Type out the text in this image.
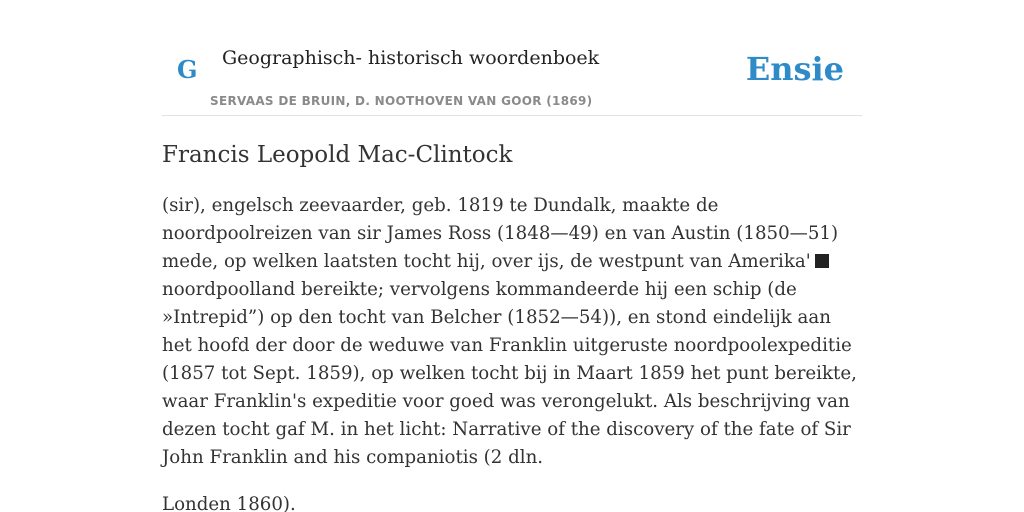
G Geographisch- historisch woordenboek
SERVAAS DE BRUIN, D. NOOTHOVEN VAN GOOR (1869)
Ensie
Francis Leopold Mac-Clintock

(sir), engelsch zeevaarder, geb. 1819 te Dundalk, maakte de noordpoolreizen van sir James Ross (1848—49) en van Austin (1850—51) mede, op welken laatsten tocht hij, over ijs, de westpunt van Amerika'noordpoolland bereikte; vervolgens kommandeerde hij een schip (de »Intrepid”) op den tocht van Belcher (1852—54)), en stond eindelijk aan het hoofd der door de weduwe van Franklin uitgeruste noordpoolexpeditie (1857 tot Sept. 1859), op welken tocht bij in Maart 1859 het punt bereikte, waar Franklin's expeditie voor goed was verongelukt. Als beschrijving van dezen tocht gaf M. in het licht: Narrative of the discovery of the fate of Sir John Franklin and his companiotis (2 dln.

Londen 1860).
